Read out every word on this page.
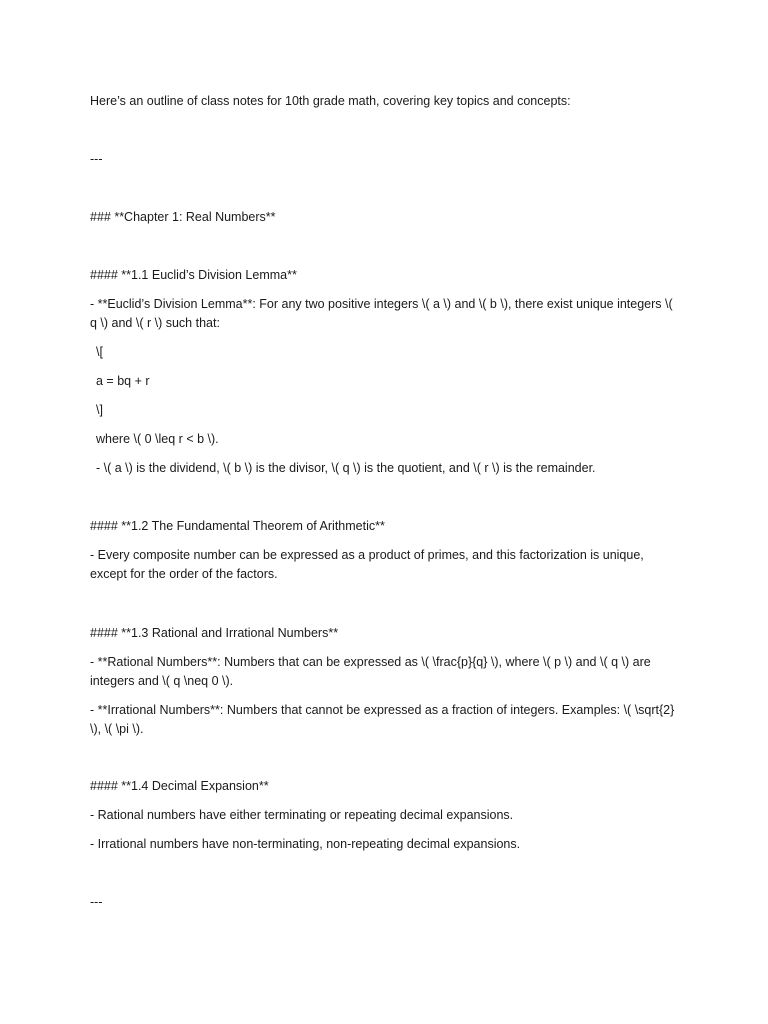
Here’s an outline of class notes for 10th grade math, covering key topics and concepts:

---

### **Chapter 1: Real Numbers**

#### **1.1 Euclid’s Division Lemma**

- **Euclid’s Division Lemma**: For any two positive integers \( a \) and \( b \), there exist unique integers \( q \) and \( r \) such that:

\[

a = bq + r

\]

where \( 0 \leq r < b \).

- \( a \) is the dividend, \( b \) is the divisor, \( q \) is the quotient, and \( r \) is the remainder.

#### **1.2 The Fundamental Theorem of Arithmetic**

- Every composite number can be expressed as a product of primes, and this factorization is unique, except for the order of the factors.

#### **1.3 Rational and Irrational Numbers**

- **Rational Numbers**: Numbers that can be expressed as \( \frac{p}{q} \), where \( p \) and \( q \) are integers and \( q \neq 0 \).

- **Irrational Numbers**: Numbers that cannot be expressed as a fraction of integers. Examples: \( \sqrt{2} \), \( \pi \).

#### **1.4 Decimal Expansion**

- Rational numbers have either terminating or repeating decimal expansions.

- Irrational numbers have non-terminating, non-repeating decimal expansions.

---
